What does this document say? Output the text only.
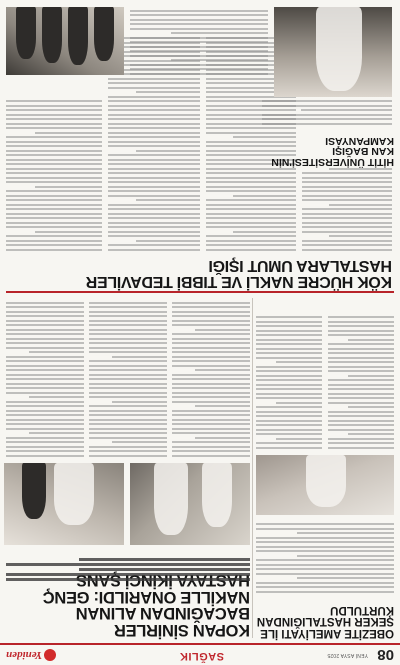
08
YENİ ASYA 2025
SAĞLIK
Yeniden
KOPAN SİNİRLER BACAĞINDAN ALINAN NAKİLLE ONARILDI: GENÇ
OBEZİTE AMELİYATI İLE ŞEKER HASTALIĞINDAN KURTULDU
KÖK HÜCRE NAKLİ VE TIBBİ TEDAVİLER HASTALARA UMUT IŞIĞI
HİTİT ÜNİVERSİTESİ'NİN KAN BAĞIŞI KAMPANYASI
